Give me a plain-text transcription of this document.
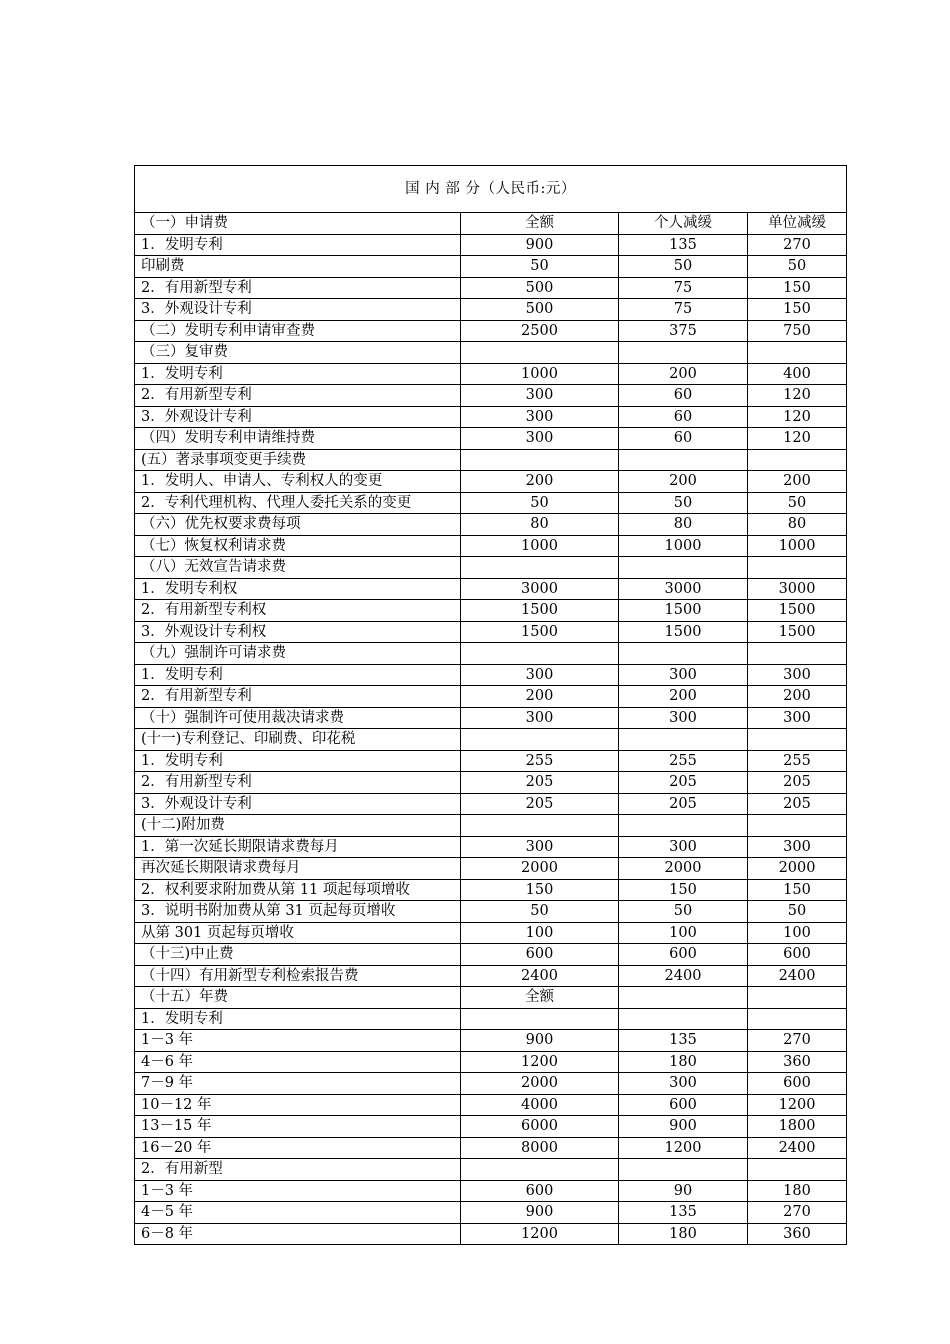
国 内 部 分（人民币:元）			
（一）申请费	全额	个人减缓	单位减缓
1．发明专利	900	135	270
印刷费	50	50	50
2．有用新型专利	500	75	150
3．外观设计专利	500	75	150
（二）发明专利申请审查费	2500	375	750
（三）复审费			
1．发明专利	1000	200	400
2．有用新型专利	300	60	120
3．外观设计专利	300	60	120
（四）发明专利申请维持费	300	60	120
(五）著录事项变更手续费			
1．发明人、申请人、专利权人的变更	200	200	200
2．专利代理机构、代理人委托关系的变更	50	50	50
（六）优先权要求费每项	80	80	80
（七）恢复权利请求费	1000	1000	1000
（八）无效宣告请求费			
1．发明专利权	3000	3000	3000
2．有用新型专利权	1500	1500	1500
3．外观设计专利权	1500	1500	1500
（九）强制许可请求费			
1．发明专利	300	300	300
2．有用新型专利	200	200	200
（十）强制许可使用裁决请求费	300	300	300
(十一)专利登记、印刷费、印花税			
1．发明专利	255	255	255
2．有用新型专利	205	205	205
3．外观设计专利	205	205	205
(十二)附加费			
1．第一次延长期限请求费每月	300	300	300
再次延长期限请求费每月	2000	2000	2000
2．权利要求附加费从第 11 项起每项增收	150	150	150
3．说明书附加费从第 31 页起每页增收	50	50	50
从第 301 页起每页增收	100	100	100
（十三)中止费	600	600	600
（十四）有用新型专利检索报告费	2400	2400	2400
（十五）年费	全额		
1．发明专利			
1－3 年	900	135	270
4－6 年	1200	180	360
7－9 年	2000	300	600
10－12 年	4000	600	1200
13－15 年	6000	900	1800
16－20 年	8000	1200	2400
2．有用新型			
1－3 年	600	90	180
4－5 年	900	135	270
6－8 年	1200	180	360
